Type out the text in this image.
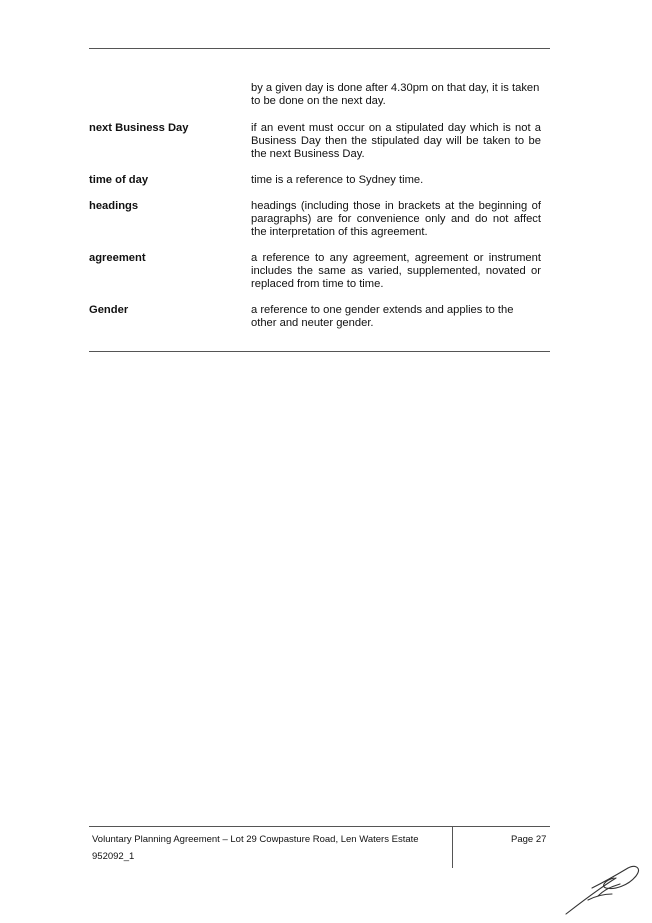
by a given day is done after 4.30pm on that day, it is taken to be done on the next day.
next Business Day	if an event must occur on a stipulated day which is not a Business Day then the stipulated day will be taken to be the next Business Day.
time of day	time is a reference to Sydney time.
headings	headings (including those in brackets at the beginning of paragraphs) are for convenience only and do not affect the interpretation of this agreement.
agreement	a reference to any agreement, agreement or instrument includes the same as varied, supplemented, novated or replaced from time to time.
Gender	a reference to one gender extends and applies to the other and neuter gender.
Voluntary Planning Agreement – Lot 29 Cowpasture Road, Len Waters Estate
952092_1
Page 27
